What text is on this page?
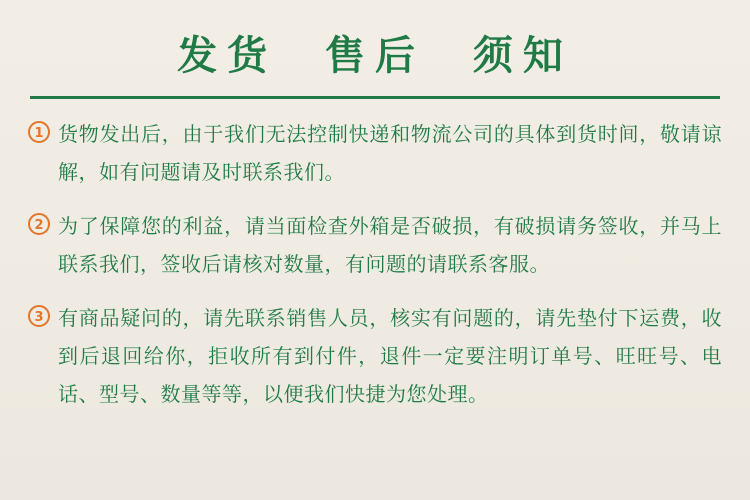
发货  售后  须知
1 货物发出后，由于我们无法控制快递和物流公司的具体到货时间，敬请谅解，如有问题请及时联系我们。
2 为了保障您的利益，请当面检查外箱是否破损，有破损请务签收，并马上联系我们，签收后请核对数量，有问题的请联系客服。
3 有商品疑问的，请先联系销售人员，核实有问题的，请先垫付下运费，收到后退回给你，拒收所有到付件，退件一定要注明订单号、旺旺号、电话、型号、数量等等，以便我们快捷为您处理。
